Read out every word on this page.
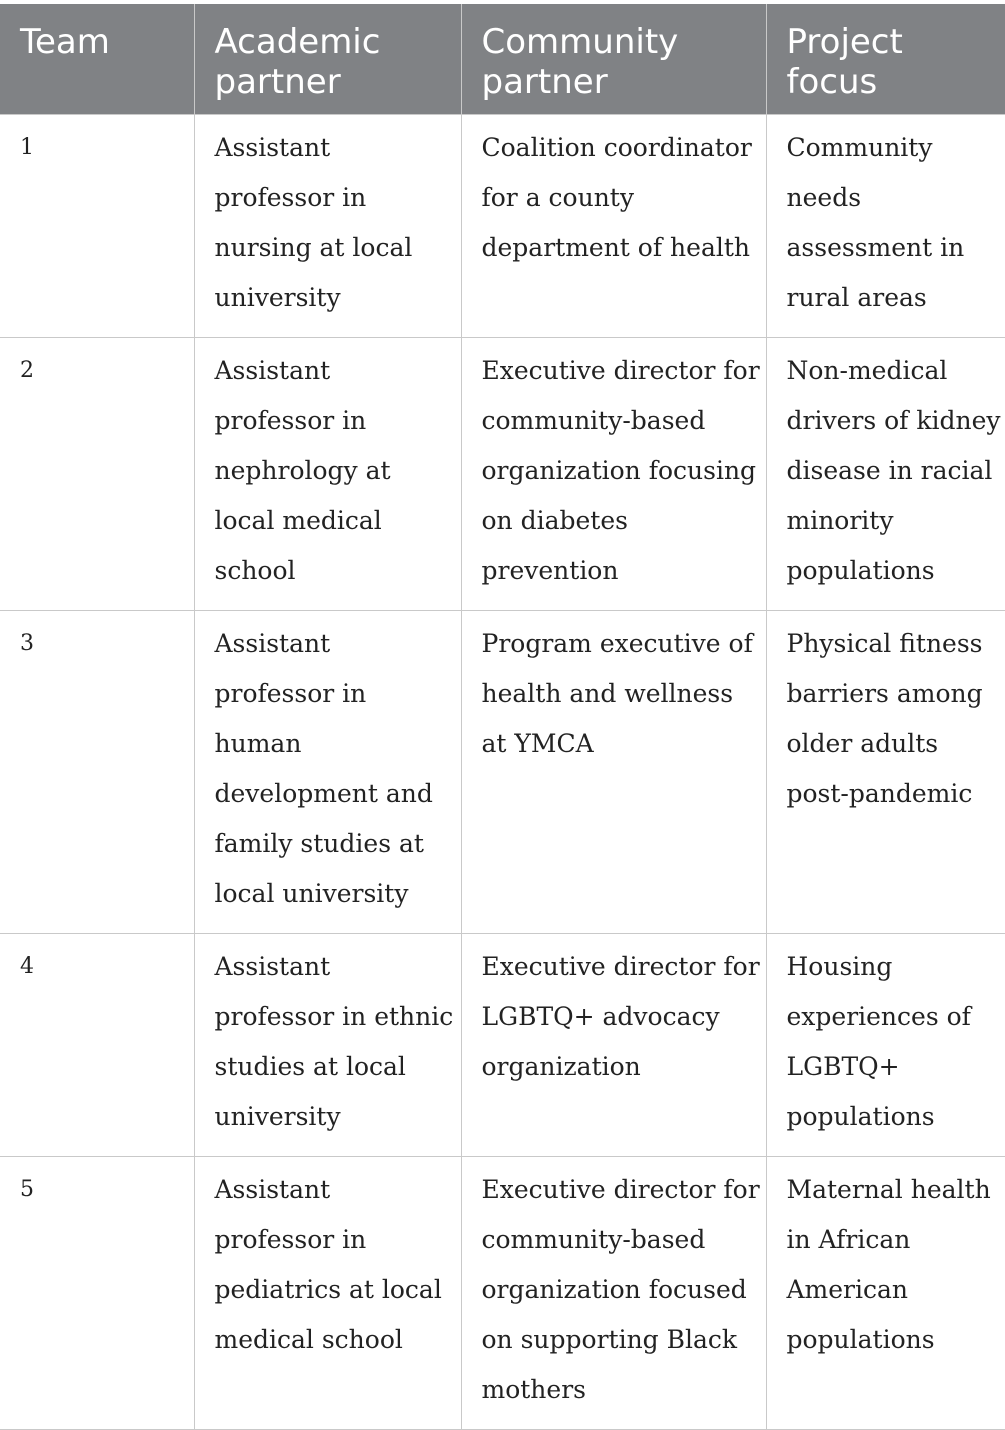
Team	Academic partner	Community partner	Project focus
1	Assistant professor in nursing at local university	Coalition coordinator for a county department of health	Community needs assessment in rural areas
2	Assistant professor in nephrology at local medical school	Executive director for community-based organization focusing on diabetes prevention	Non-medical drivers of kidney disease in racial minority populations
3	Assistant professor in human development and family studies at local university	Program executive of health and wellness at YMCA	Physical fitness barriers among older adults post-pandemic
4	Assistant professor in ethnic studies at local university	Executive director for LGBTQ+ advocacy organization	Housing experiences of LGBTQ+ populations
5	Assistant professor in pediatrics at local medical school	Executive director for community-based organization focused on supporting Black mothers	Maternal health in African American populations
